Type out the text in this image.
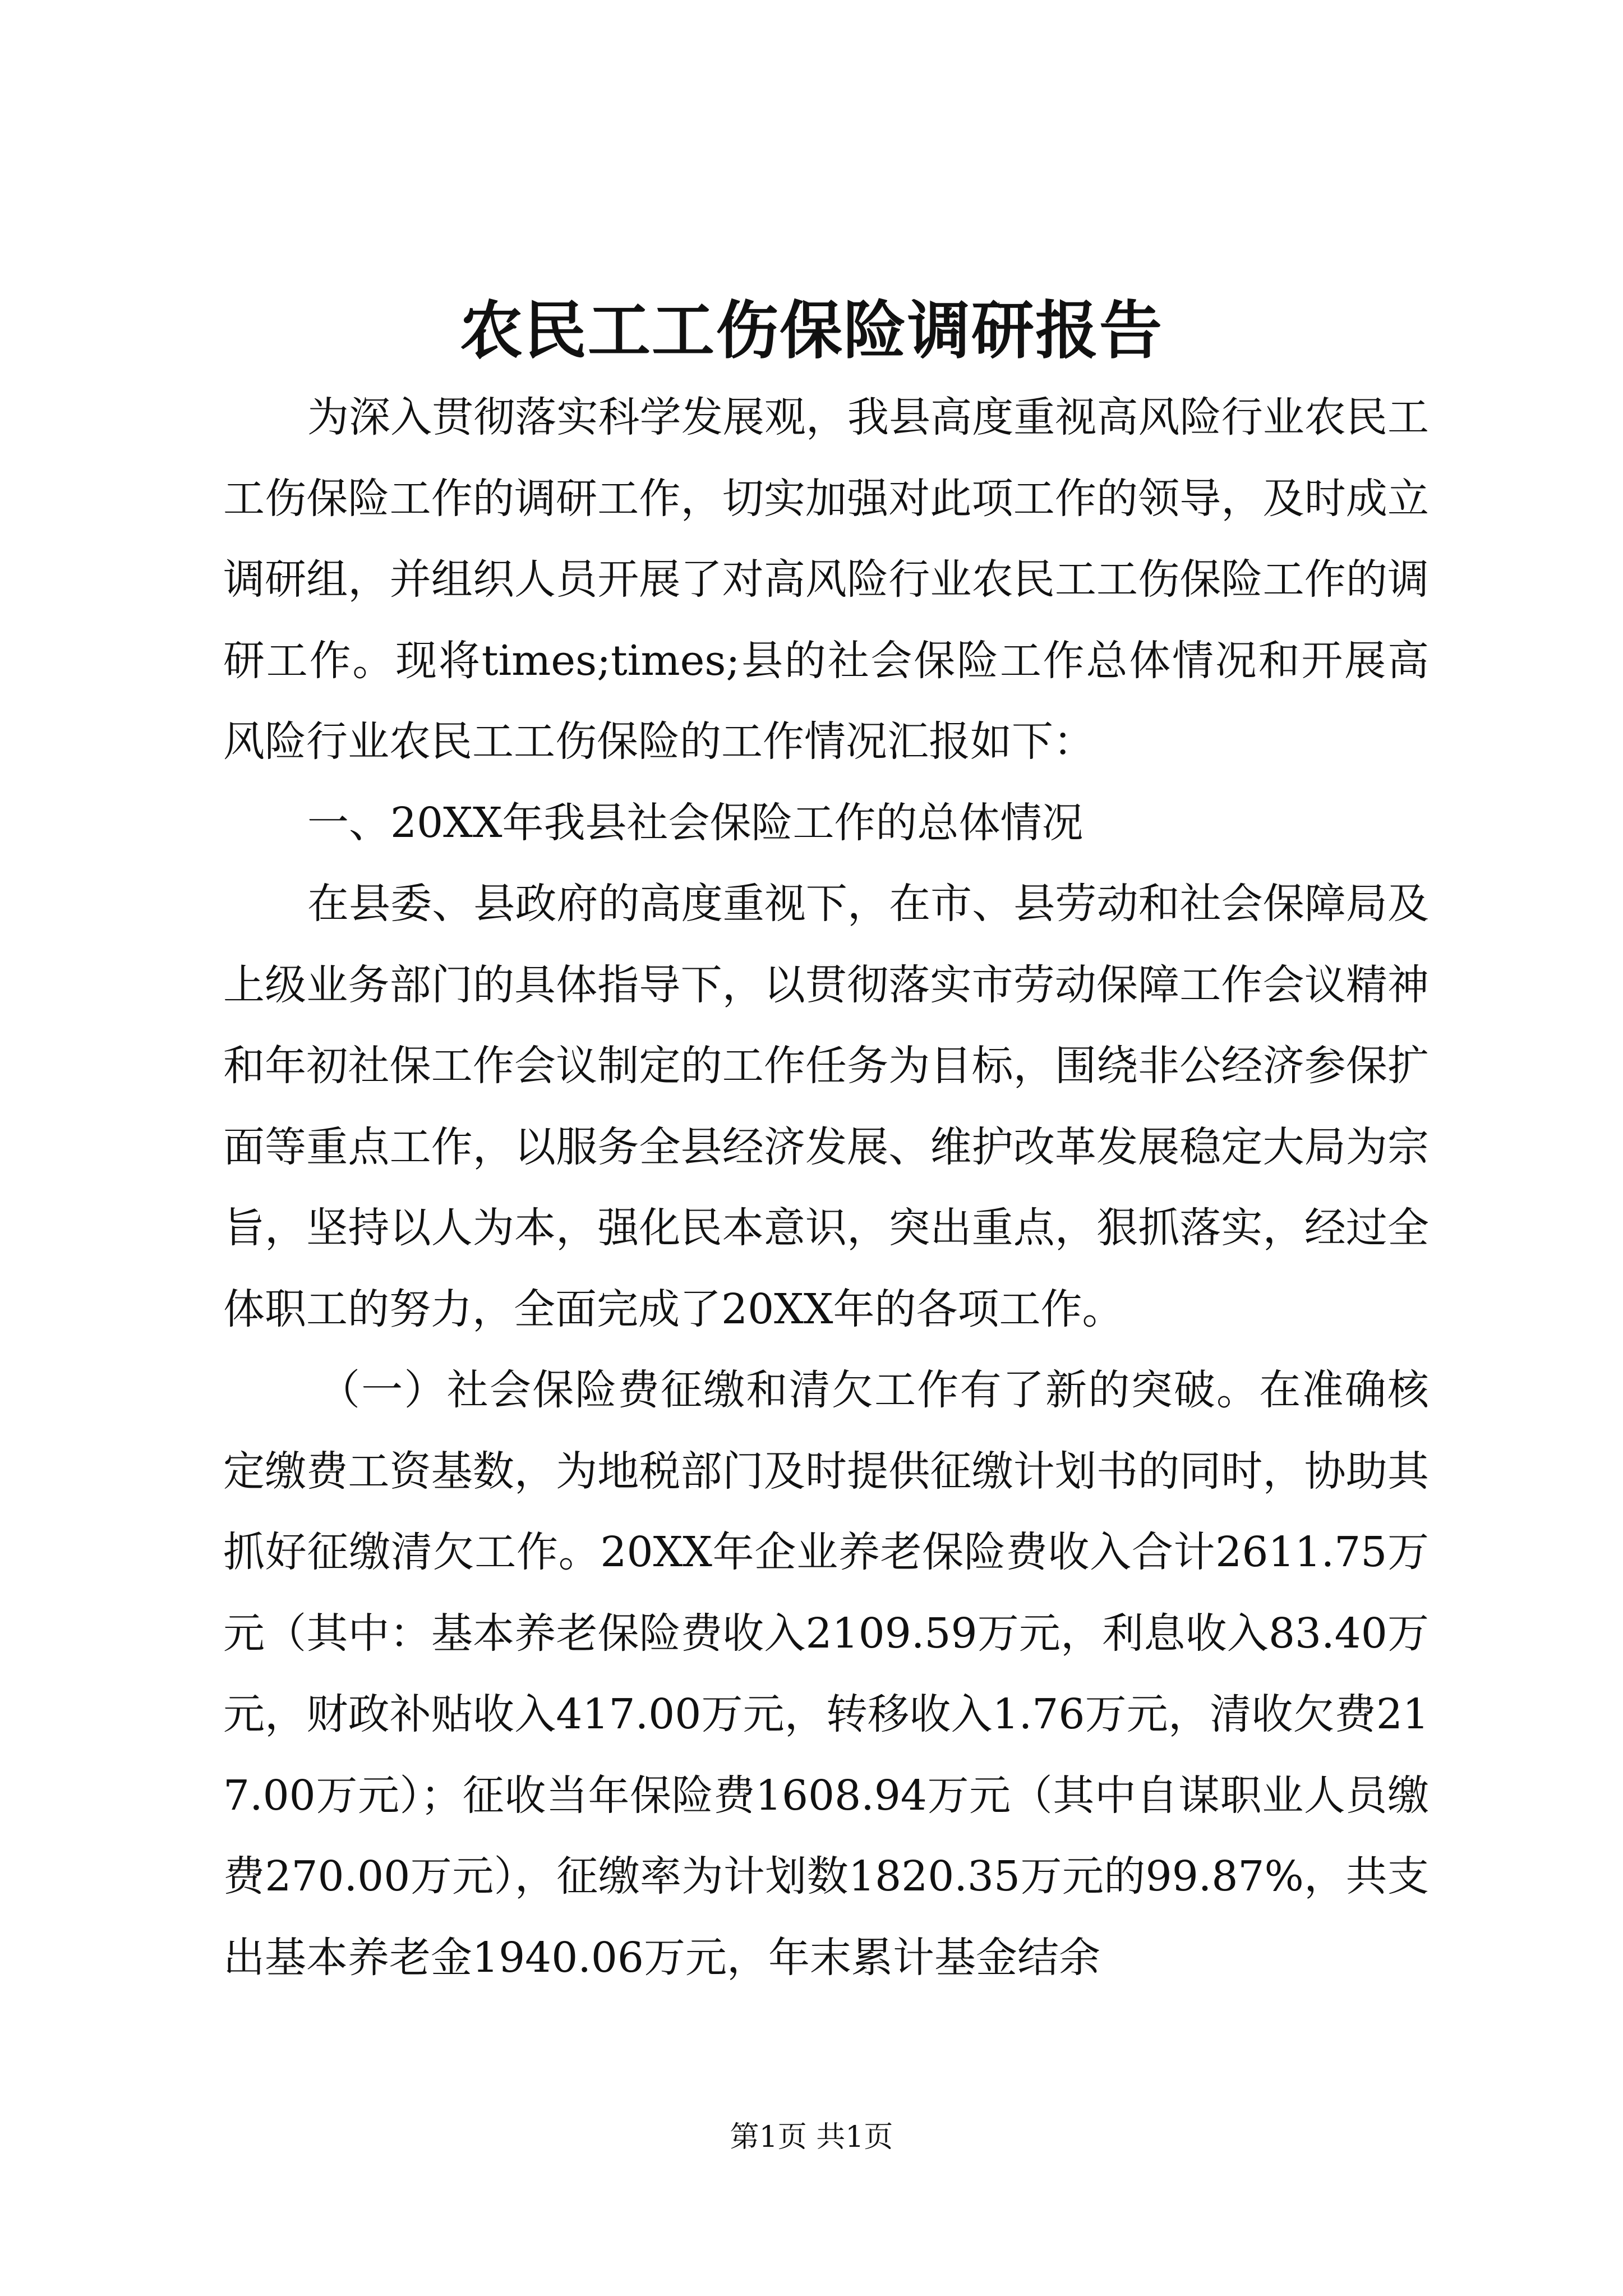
农民工工伤保险调研报告

为深入贯彻落实科学发展观，我县高度重视高风险行业农民工工伤保险工作的调研工作，切实加强对此项工作的领导，及时成立调研组，并组织人员开展了对高风险行业农民工工伤保险工作的调研工作。现将times;times;县的社会保险工作总体情况和开展高风险行业农民工工伤保险的工作情况汇报如下：

一、20XX年我县社会保险工作的总体情况

在县委、县政府的高度重视下，在市、县劳动和社会保障局及上级业务部门的具体指导下，以贯彻落实市劳动保障工作会议精神和年初社保工作会议制定的工作任务为目标，围绕非公经济参保扩面等重点工作，以服务全县经济发展、维护改革发展稳定大局为宗旨，坚持以人为本，强化民本意识，突出重点，狠抓落实，经过全体职工的努力，全面完成了20XX年的各项工作。

（一）社会保险费征缴和清欠工作有了新的突破。在准确核定缴费工资基数，为地税部门及时提供征缴计划书的同时，协助其抓好征缴清欠工作。20XX年企业养老保险费收入合计2611.75万元（其中：基本养老保险费收入2109.59万元，利息收入83.40万元，财政补贴收入417.00万元，转移收入1.76万元，清收欠费217.00万元）；征收当年保险费1608.94万元（其中自谋职业人员缴费270.00万元），征缴率为计划数1820.35万元的99.87%，共支出基本养老金1940.06万元，年末累计基金结余

第1页 共1页
